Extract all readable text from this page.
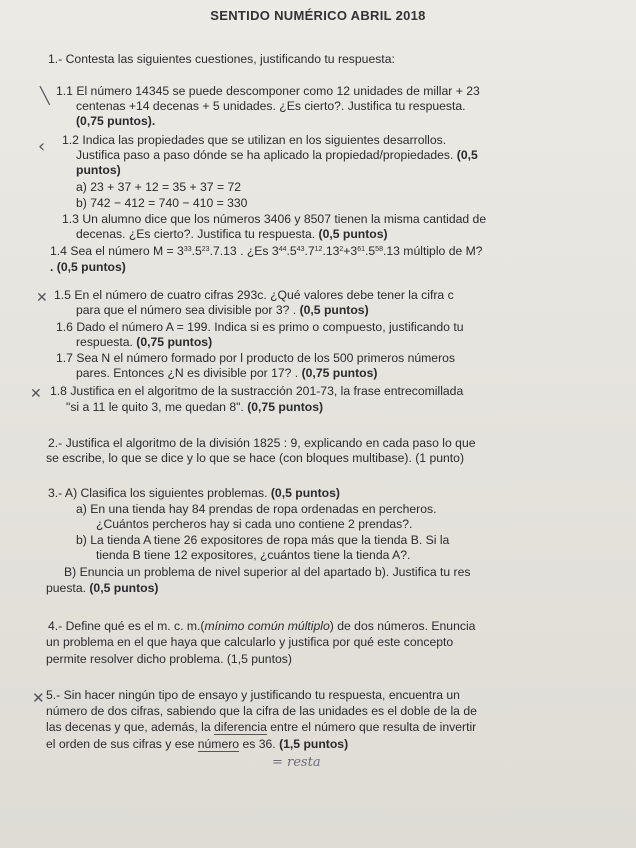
SENTIDO NUMÉRICO ABRIL 2018
1.- Contesta las siguientes cuestiones, justificando tu respuesta:
╲ 1.1 El número 14345 se puede descomponer como 12 unidades de millar + 23
centenas +14 decenas + 5 unidades. ¿Es cierto?. Justifica tu respuesta.
(0,75 puntos).
‹ 1.2 Indica las propiedades que se utilizan en los siguientes desarrollos.
Justifica paso a paso dónde se ha aplicado la propiedad/propiedades. (0,5
puntos)
a) 23 + 37 + 12 = 35 + 37 = 72
b) 742 − 412 = 740 − 410 = 330
1.3 Un alumno dice que los números 3406 y 8507 tienen la misma cantidad de
decenas. ¿Es cierto?. Justifica tu respuesta. (0,5 puntos)
1.4 Sea el número $M = 3^{33}.5^{23}.7.13$ . ¿Es $3^{44}.5^{43}.7^{12}.13^2+3^{61}.5^{58}.13$ múltiplo de M?
. (0,5 puntos)
✕ 1.5 En el número de cuatro cifras 293c. ¿Qué valores debe tener la cifra c
para que el número sea divisible por 3? . (0,5 puntos)
1.6 Dado el número A = 199. Indica si es primo o compuesto, justificando tu
respuesta. (0,75 puntos)
1.7 Sea N el número formado por l producto de los 500 primeros números
pares. Entonces ¿N es divisible por 17? . (0,75 puntos)
✕ 1.8 Justifica en el algoritmo de la sustracción 201-73, la frase entrecomillada
"si a 11 le quito 3, me quedan 8". (0,75 puntos)
2.- Justifica el algoritmo de la división 1825 : 9, explicando en cada paso lo que
se escribe, lo que se dice y lo que se hace (con bloques multibase). (1 punto)
3.- A) Clasifica los siguientes problemas. (0,5 puntos)
a) En una tienda hay 84 prendas de ropa ordenadas en percheros.
¿Cuántos percheros hay si cada uno contiene 2 prendas?.
b) La tienda A tiene 26 expositores de ropa más que la tienda B. Si la
tienda B tiene 12 expositores, ¿cuántos tiene la tienda A?.
B) Enuncia un problema de nivel superior al del apartado b). Justifica tu res
puesta. (0,5 puntos)
4.- Define qué es el m. c. m.(mínimo común múltiplo) de dos números. Enuncia
un problema en el que haya que calcularlo y justifica por qué este concepto
permite resolver dicho problema. (1,5 puntos)
✕ 5.- Sin hacer ningún tipo de ensayo y justificando tu respuesta, encuentra un
número de dos cifras, sabiendo que la cifra de las unidades es el doble de la de
las decenas y que, además, la diferencia entre el número que resulta de invertir
el orden de sus cifras y ese número es 36. (1,5 puntos)
= resta
